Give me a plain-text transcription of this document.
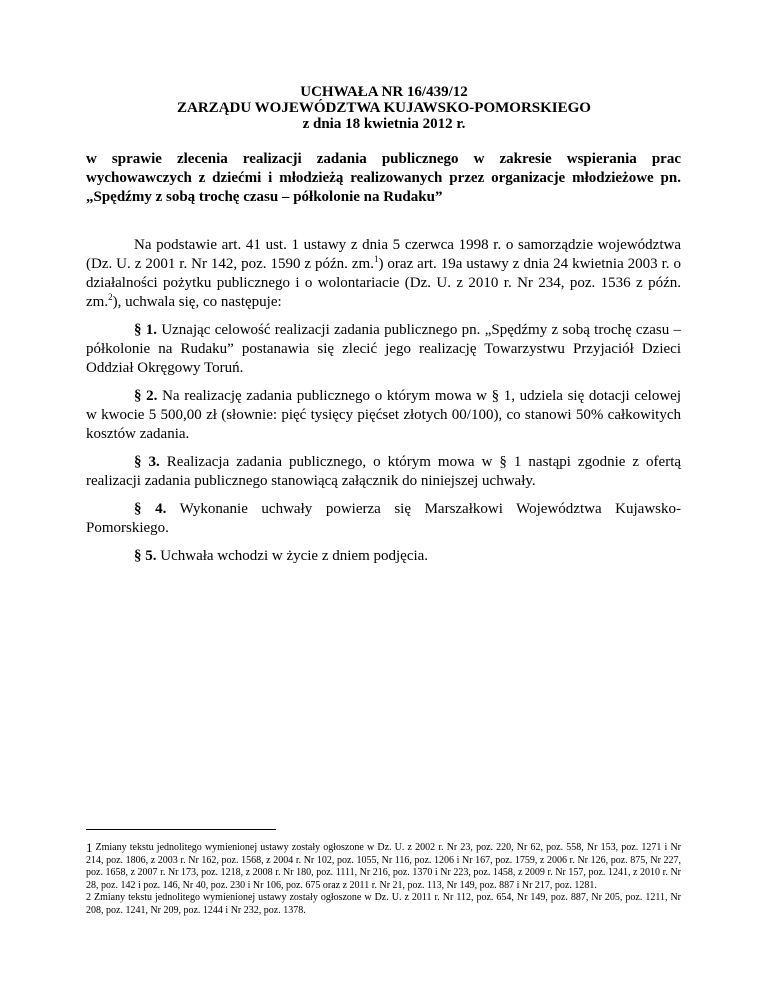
UCHWAŁA NR 16/439/12
ZARZĄDU WOJEWÓDZTWA KUJAWSKO-POMORSKIEGO
z dnia 18 kwietnia 2012 r.
w sprawie zlecenia realizacji zadania publicznego w zakresie wspierania prac wychowawczych z dziećmi i młodzieżą realizowanych przez organizacje młodzieżowe pn. „Spędźmy z sobą trochę czasu – półkolonie na Rudaku”
Na podstawie art. 41 ust. 1 ustawy z dnia 5 czerwca 1998 r. o samorządzie województwa (Dz. U. z 2001 r. Nr 142, poz. 1590 z późn. zm.$^1$) oraz art. 19a ustawy z dnia 24 kwietnia 2003 r. o działalności pożytku publicznego i o wolontariacie (Dz. U. z 2010 r. Nr 234, poz. 1536 z późn. zm.$^2$), uchwala się, co następuje:
§ 1. Uznając celowość realizacji zadania publicznego pn. „Spędźmy z sobą trochę czasu – półkolonie na Rudaku” postanawia się zlecić jego realizację Towarzystwu Przyjaciół Dzieci Oddział Okręgowy Toruń.
§ 2. Na realizację zadania publicznego o którym mowa w § 1, udziela się dotacji celowej w kwocie 5 500,00 zł (słownie: pięć tysięcy pięćset złotych 00/100), co stanowi 50% całkowitych kosztów zadania.
§ 3. Realizacja zadania publicznego, o którym mowa w § 1 nastąpi zgodnie z ofertą realizacji zadania publicznego stanowiącą załącznik do niniejszej uchwały.
§ 4. Wykonanie uchwały powierza się Marszałkowi Województwa Kujawsko-Pomorskiego.
§ 5. Uchwała wchodzi w życie z dniem podjęcia.

1 Zmiany tekstu jednolitego wymienionej ustawy zostały ogłoszone w Dz. U. z 2002 r. Nr 23, poz. 220, Nr 62, poz. 558, Nr 153, poz. 1271 i Nr 214, poz. 1806, z 2003 r. Nr 162, poz. 1568, z 2004 r. Nr 102, poz. 1055, Nr 116, poz. 1206 i Nr 167, poz. 1759, z 2006 r. Nr 126, poz. 875, Nr 227, poz. 1658, z 2007 r. Nr 173, poz. 1218, z 2008 r. Nr 180, poz. 1111, Nr 216, poz. 1370 i Nr 223, poz. 1458, z 2009 r. Nr 157, poz. 1241, z 2010 r. Nr 28, poz. 142 i poz. 146, Nr 40, poz. 230 i Nr 106, poz. 675 oraz z 2011 r. Nr 21, poz. 113, Nr 149, poz. 887 i Nr 217, poz. 1281.

2 Zmiany tekstu jednolitego wymienionej ustawy zostały ogłoszone w Dz. U. z 2011 r. Nr 112, poz. 654, Nr 149, poz. 887, Nr 205, poz. 1211, Nr 208, poz. 1241, Nr 209, poz. 1244 i Nr 232, poz. 1378.
